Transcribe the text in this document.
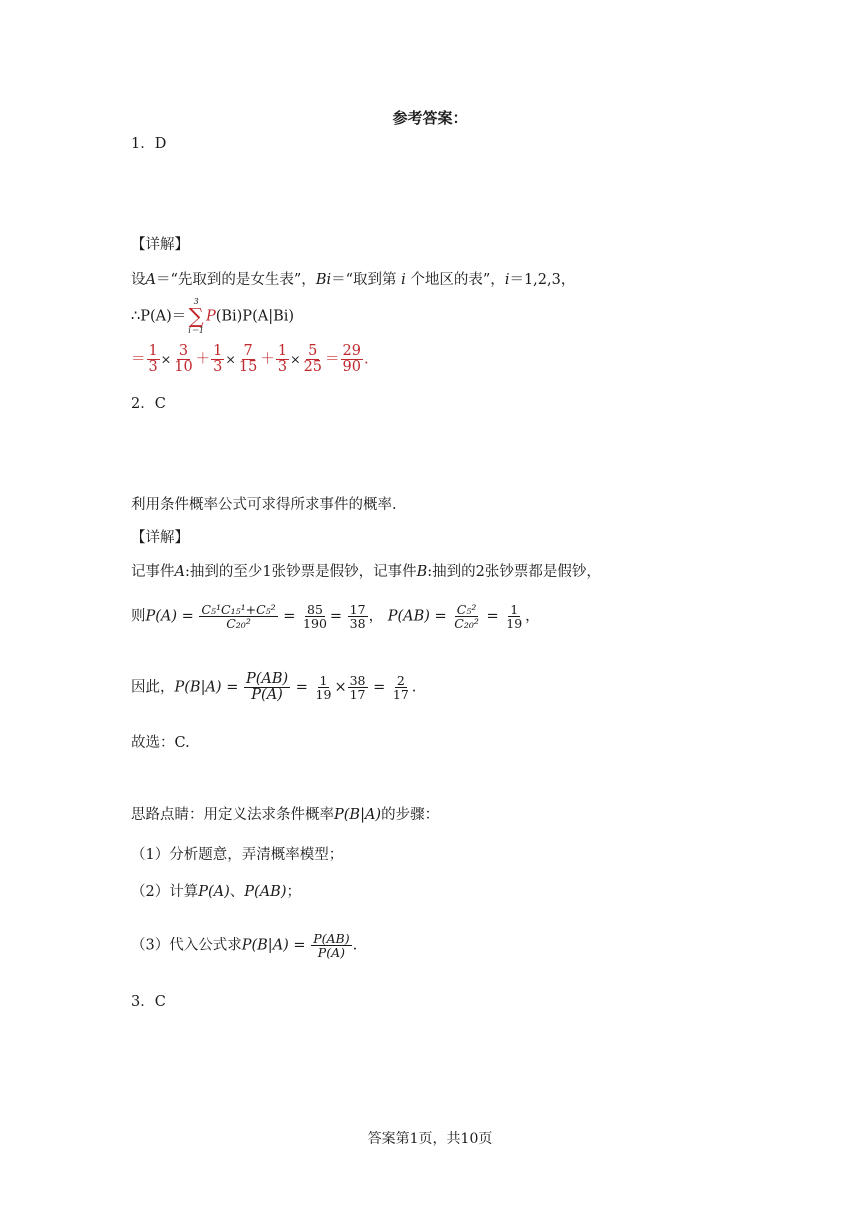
参考答案：
1．D
【详解】
设A＝“先取到的是女生表”，Bi＝“取到第 i 个地区的表”，i＝1,2,3，
∴P(A)＝
3
∑
i＝1
P(Bi)P(A|Bi)
＝ $\frac{1}{3} \times \frac{3}{10} + \frac{1}{3} \times \frac{7}{15} + \frac{1}{3} \times \frac{5}{25} = \frac{29}{90}$ .
2．C
利用条件概率公式可求得所求事件的概率.
【详解】
记事件A:抽到的至少1张钞票是假钞，记事件B:抽到的2张钞票都是假钞，
则$P(A) = \frac{\text{C₅¹C₁₅¹+C₅²}}{\text{C₂₀²}} = \frac{85}{190} = \frac{17}{38}$ ， $P(AB) = \frac{\text{C₅²}}{\text{C₂₀²}} = \frac{1}{19}$ ，
因此，$P(B|A) = \frac{P(AB)}{P(A)} = \frac{1}{19} \times \frac{38}{17} = \frac{2}{17}$ .
故选：C.
思路点睛：用定义法求条件概率P(B|A)的步骤：
（1）分析题意，弄清概率模型；
（2）计算P(A)、P(AB)；
（3）代入公式求$P(B|A) = \frac{P(AB)}{P(A)}$ .
3．C
答案第1页，共10页
